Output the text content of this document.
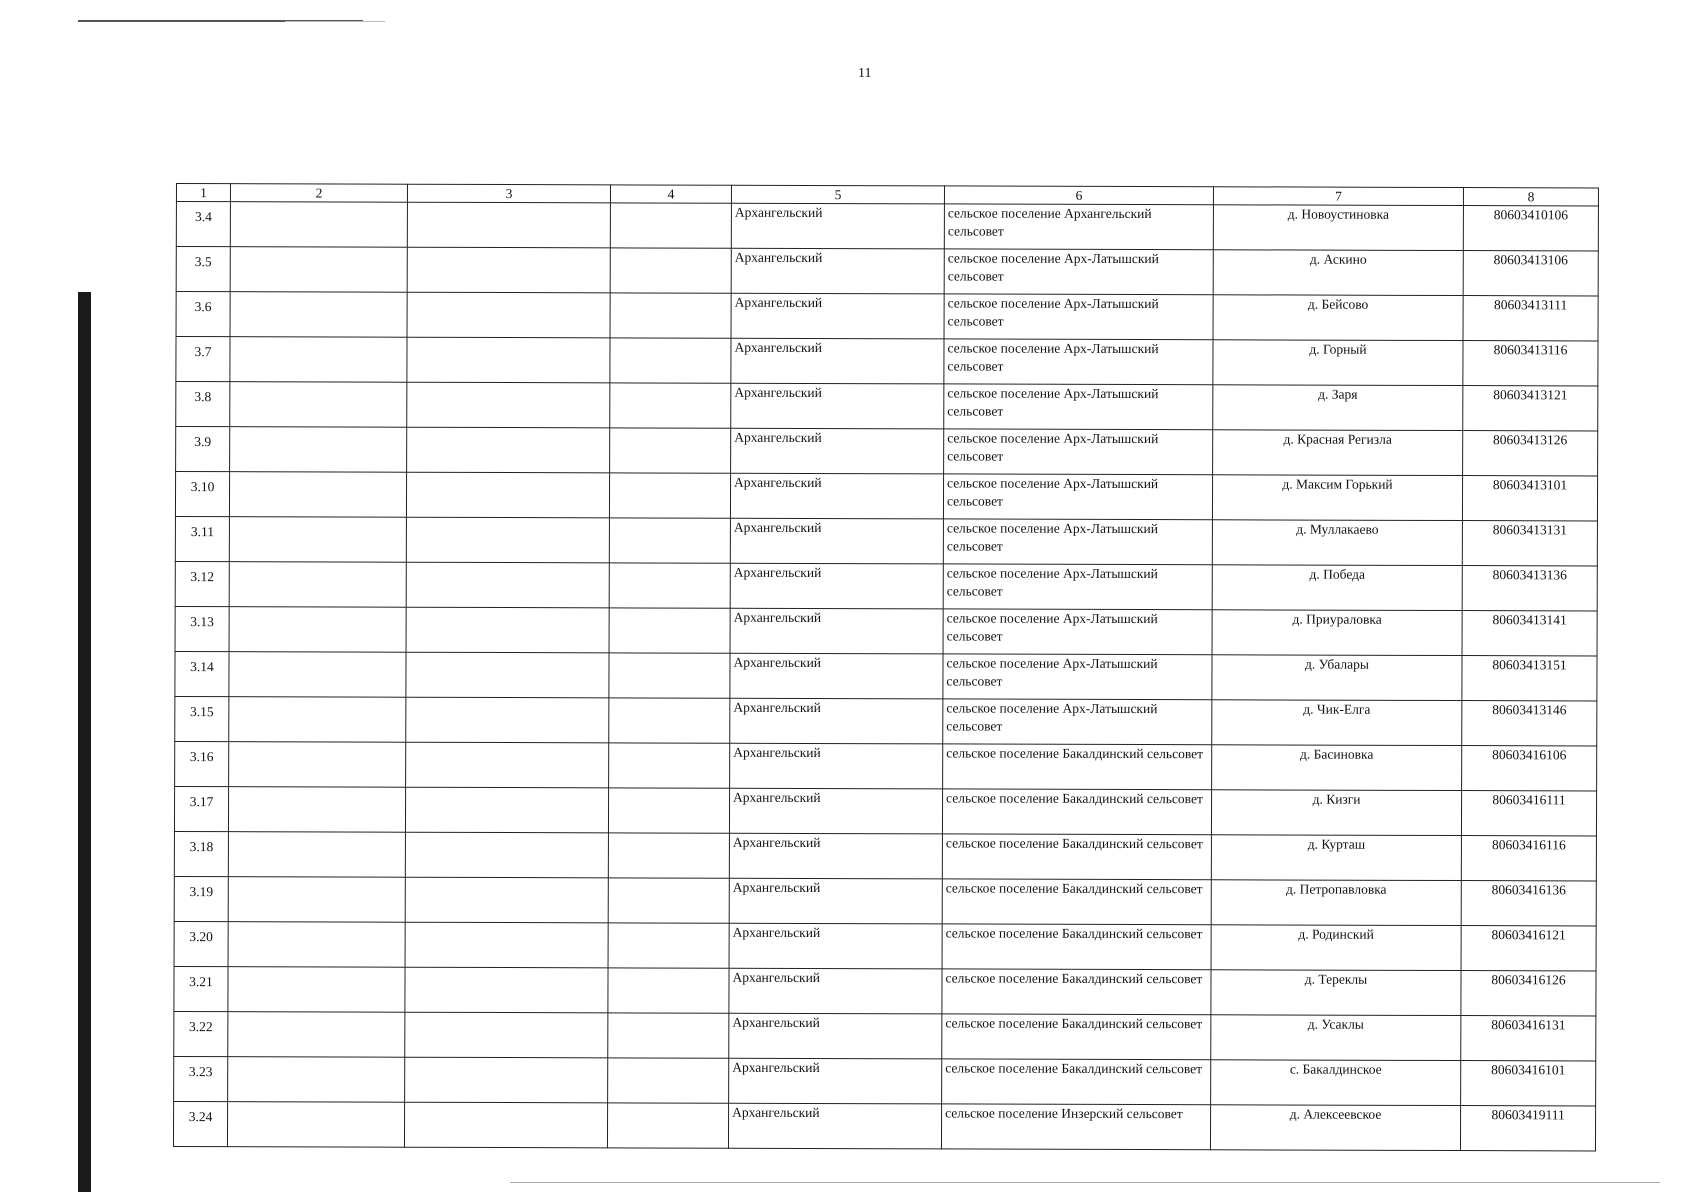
11
1	2	3	4	5	6	7	8
3.4				Архангельский	сельское поселение Архангельский сельсовет	д. Новоустиновка	80603410106
3.5				Архангельский	сельское поселение Арх-Латышский сельсовет	д. Аскино	80603413106
3.6				Архангельский	сельское поселение Арх-Латышский сельсовет	д. Бейсово	80603413111
3.7				Архангельский	сельское поселение Арх-Латышский сельсовет	д. Горный	80603413116
3.8				Архангельский	сельское поселение Арх-Латышский сельсовет	д. Заря	80603413121
3.9				Архангельский	сельское поселение Арх-Латышский сельсовет	д. Красная Регизла	80603413126
3.10				Архангельский	сельское поселение Арх-Латышский сельсовет	д. Максим Горький	80603413101
3.11				Архангельский	сельское поселение Арх-Латышский сельсовет	д. Муллакаево	80603413131
3.12				Архангельский	сельское поселение Арх-Латышский сельсовет	д. Победа	80603413136
3.13				Архангельский	сельское поселение Арх-Латышский сельсовет	д. Приураловка	80603413141
3.14				Архангельский	сельское поселение Арх-Латышский сельсовет	д. Убалары	80603413151
3.15				Архангельский	сельское поселение Арх-Латышский сельсовет	д. Чик-Елга	80603413146
3.16				Архангельский	сельское поселение Бакалдинский сельсовет	д. Басиновка	80603416106
3.17				Архангельский	сельское поселение Бакалдинский сельсовет	д. Кизги	80603416111
3.18				Архангельский	сельское поселение Бакалдинский сельсовет	д. Курташ	80603416116
3.19				Архангельский	сельское поселение Бакалдинский сельсовет	д. Петропавловка	80603416136
3.20				Архангельский	сельское поселение Бакалдинский сельсовет	д. Родинский	80603416121
3.21				Архангельский	сельское поселение Бакалдинский сельсовет	д. Тереклы	80603416126
3.22				Архангельский	сельское поселение Бакалдинский сельсовет	д. Усаклы	80603416131
3.23				Архангельский	сельское поселение Бакалдинский сельсовет	с. Бакалдинское	80603416101
3.24				Архангельский	сельское поселение Инзерский сельсовет	д. Алексеевское	80603419111
